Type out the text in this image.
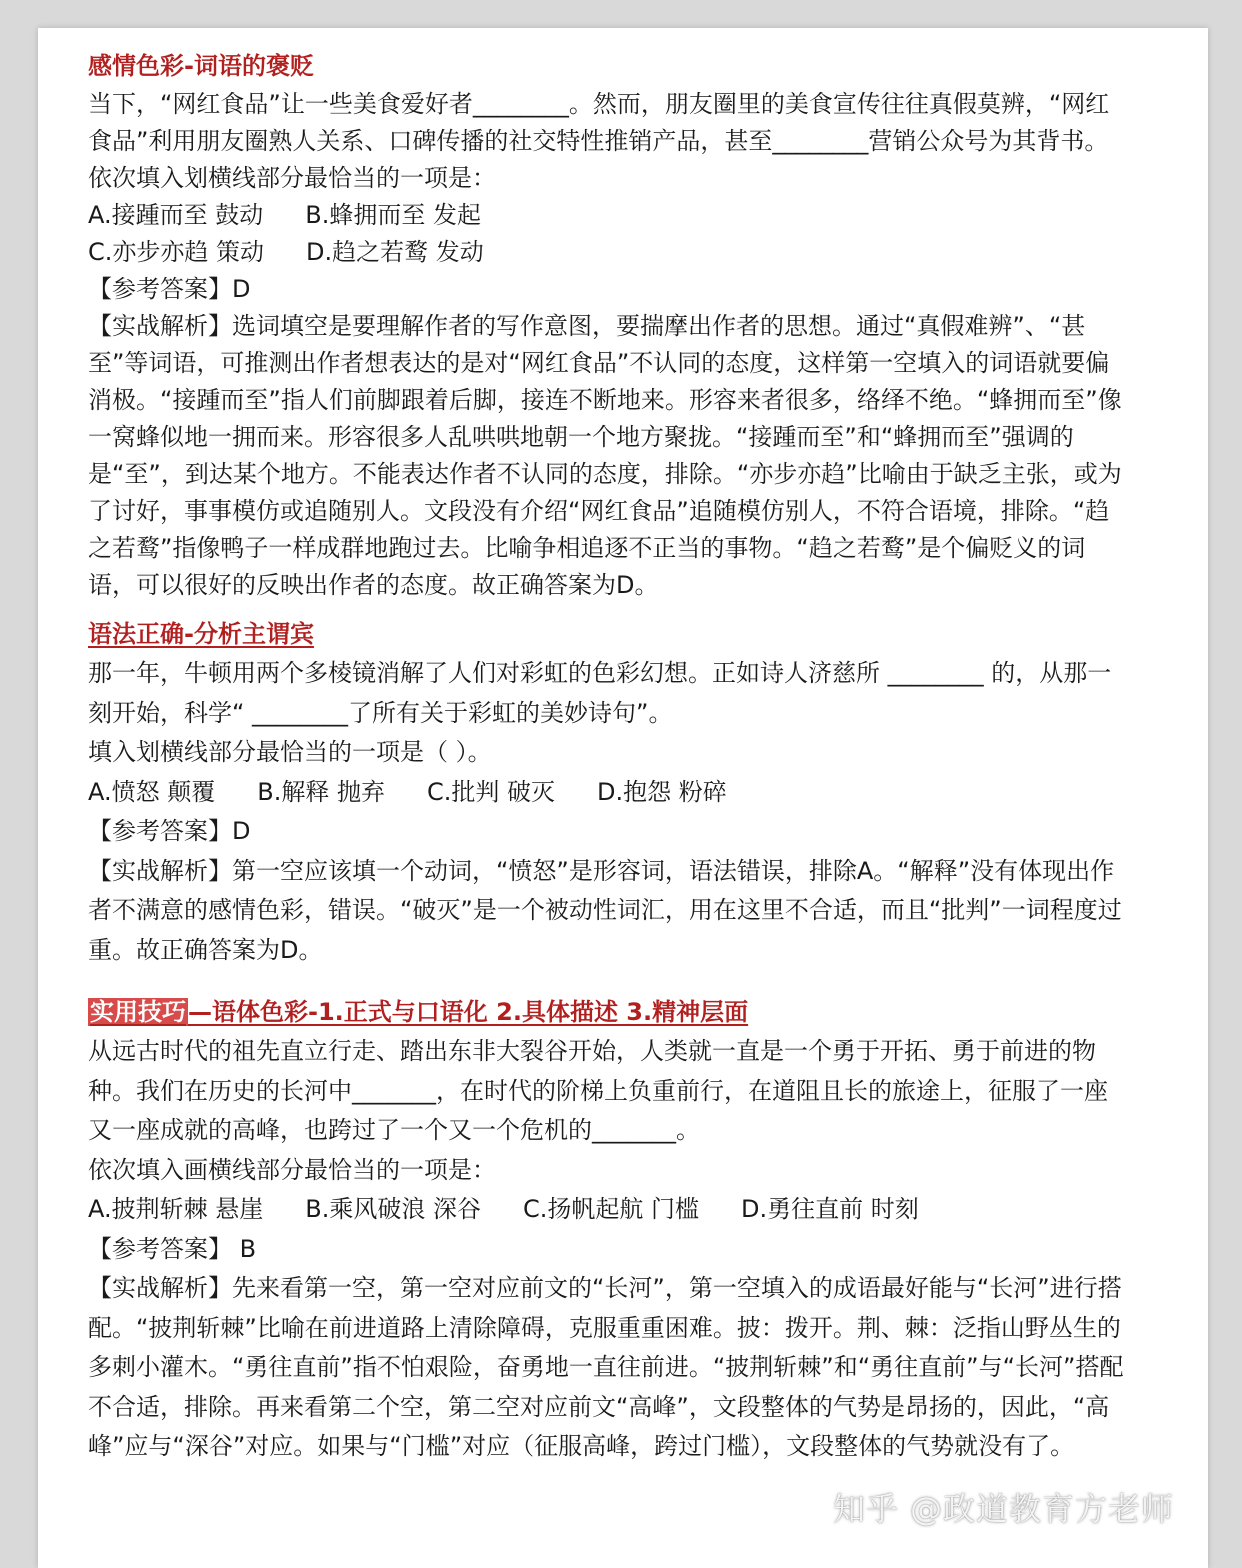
感情色彩-词语的褒贬

当下，“网红食品”让一些美食爱好者________。然而，朋友圈里的美食宣传往往真假莫辨，“网红食品”利用朋友圈熟人关系、口碑传播的社交特性推销产品，甚至________营销公众号为其背书。依次填入划横线部分最恰当的一项是：

A.接踵而至 鼓动 B.蜂拥而至 发起

C.亦步亦趋 策动 D.趋之若鹜 发动

【参考答案】D

【实战解析】选词填空是要理解作者的写作意图，要揣摩出作者的思想。通过“真假难辨”、“甚至”等词语，可推测出作者想表达的是对“网红食品”不认同的态度，这样第一空填入的词语就要偏消极。“接踵而至”指人们前脚跟着后脚，接连不断地来。形容来者很多，络绎不绝。“蜂拥而至”像一窝蜂似地一拥而来。形容很多人乱哄哄地朝一个地方聚拢。“接踵而至”和“蜂拥而至”强调的是“至”，到达某个地方。不能表达作者不认同的态度，排除。“亦步亦趋”比喻由于缺乏主张，或为了讨好，事事模仿或追随别人。文段没有介绍“网红食品”追随模仿别人，不符合语境，排除。“趋之若鹜”指像鸭子一样成群地跑过去。比喻争相追逐不正当的事物。“趋之若鹜”是个偏贬义的词语，可以很好的反映出作者的态度。故正确答案为D。

语法正确-分析主谓宾

那一年，牛顿用两个多棱镜消解了人们对彩虹的色彩幻想。正如诗人济慈所 ________ 的，从那一刻开始，科学“ ________了所有关于彩虹的美妙诗句”。

填入划横线部分最恰当的一项是（ ）。

A.愤怒 颠覆 B.解释 抛弃 C.批判 破灭 D.抱怨 粉碎

【参考答案】D

【实战解析】第一空应该填一个动词，“愤怒”是形容词，语法错误，排除A。“解释”没有体现出作者不满意的感情色彩，错误。“破灭”是一个被动性词汇，用在这里不合适，而且“批判”一词程度过重。故正确答案为D。

实用技巧—语体色彩-1.正式与口语化 2.具体描述 3.精神层面

从远古时代的祖先直立行走、踏出东非大裂谷开始，人类就一直是一个勇于开拓、勇于前进的物种。我们在历史的长河中_______，在时代的阶梯上负重前行，在道阻且长的旅途上，征服了一座又一座成就的高峰，也跨过了一个又一个危机的_______。

依次填入画横线部分最恰当的一项是：

A.披荆斩棘 悬崖 B.乘风破浪 深谷 C.扬帆起航 门槛 D.勇往直前 时刻

【参考答案】 B

【实战解析】先来看第一空，第一空对应前文的“长河”，第一空填入的成语最好能与“长河”进行搭配。“披荆斩棘”比喻在前进道路上清除障碍，克服重重困难。披：拨开。荆、棘：泛指山野丛生的多刺小灌木。“勇往直前”指不怕艰险，奋勇地一直往前进。“披荆斩棘”和“勇往直前”与“长河”搭配不合适，排除。再来看第二个空，第二空对应前文“高峰”，文段整体的气势是昂扬的，因此，“高峰”应与“深谷”对应。如果与“门槛”对应（征服高峰，跨过门槛），文段整体的气势就没有了。

知乎 @政道教育方老师
